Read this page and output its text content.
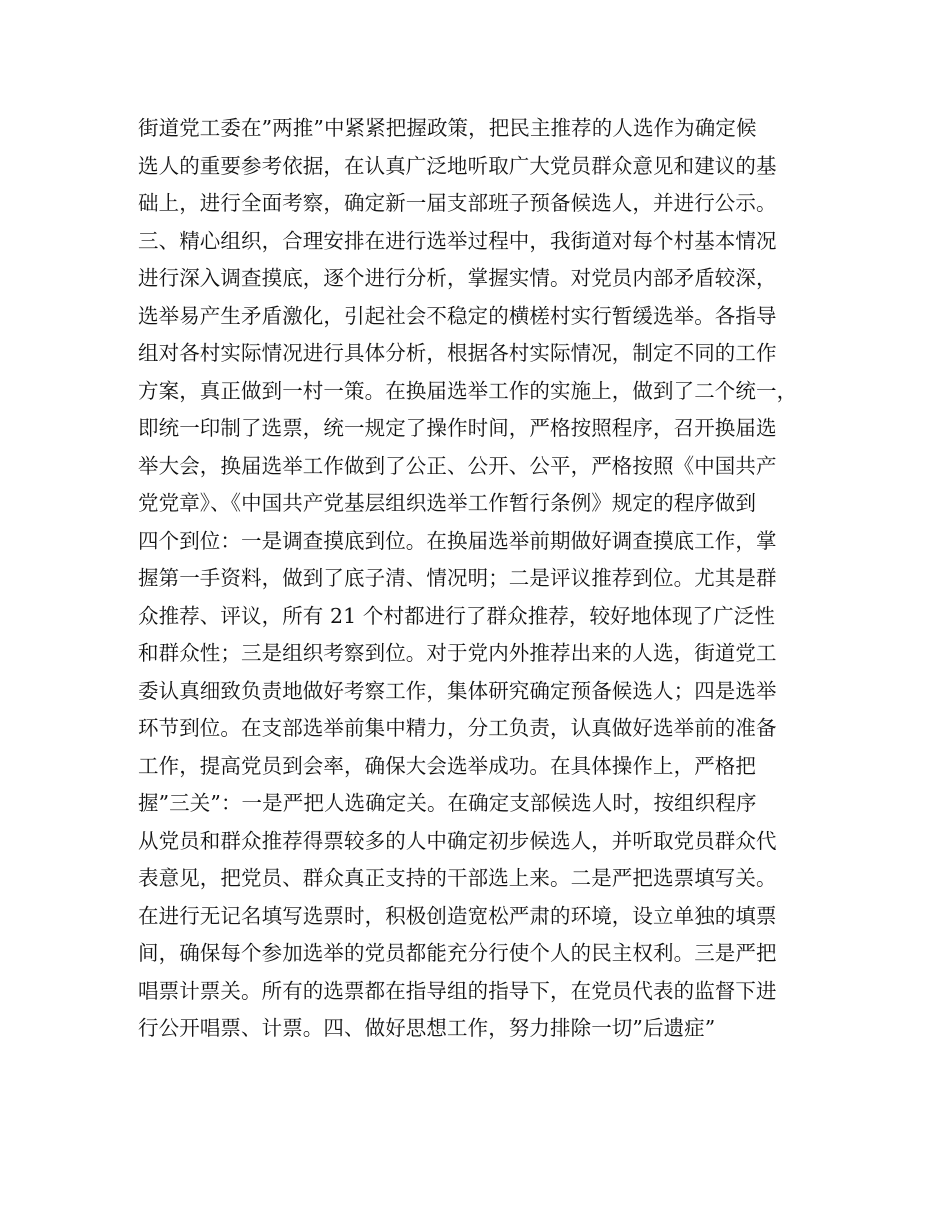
街道党工委在”两推”中紧紧把握政策，把民主推荐的人选作为确定候
选人的重要参考依据，在认真广泛地听取广大党员群众意见和建议的基
础上，进行全面考察，确定新一届支部班子预备候选人，并进行公示。
三、精心组织，合理安排在进行选举过程中，我街道对每个村基本情况
进行深入调查摸底，逐个进行分析，掌握实情。对党员内部矛盾较深，
选举易产生矛盾激化，引起社会不稳定的横槎村实行暂缓选举。各指导
组对各村实际情况进行具体分析，根据各村实际情况，制定不同的工作
方案，真正做到一村一策。在换届选举工作的实施上，做到了二个统一，
即统一印制了选票，统一规定了操作时间，严格按照程序，召开换届选
举大会，换届选举工作做到了公正、公开、公平，严格按照《中国共产
党党章》、《中国共产党基层组织选举工作暂行条例》规定的程序做到
四个到位：一是调查摸底到位。在换届选举前期做好调查摸底工作，掌
握第一手资料，做到了底子清、情况明；二是评议推荐到位。尤其是群
众推荐、评议，所有 21 个村都进行了群众推荐，较好地体现了广泛性
和群众性；三是组织考察到位。对于党内外推荐出来的人选，街道党工
委认真细致负责地做好考察工作，集体研究确定预备候选人；四是选举
环节到位。在支部选举前集中精力，分工负责，认真做好选举前的准备
工作，提高党员到会率，确保大会选举成功。在具体操作上，严格把
握”三关”：一是严把人选确定关。在确定支部候选人时，按组织程序
从党员和群众推荐得票较多的人中确定初步候选人，并听取党员群众代
表意见，把党员、群众真正支持的干部选上来。二是严把选票填写关。
在进行无记名填写选票时，积极创造宽松严肃的环境，设立单独的填票
间，确保每个参加选举的党员都能充分行使个人的民主权利。三是严把
唱票计票关。所有的选票都在指导组的指导下，在党员代表的监督下进
行公开唱票、计票。四、做好思想工作，努力排除一切”后遗症”
